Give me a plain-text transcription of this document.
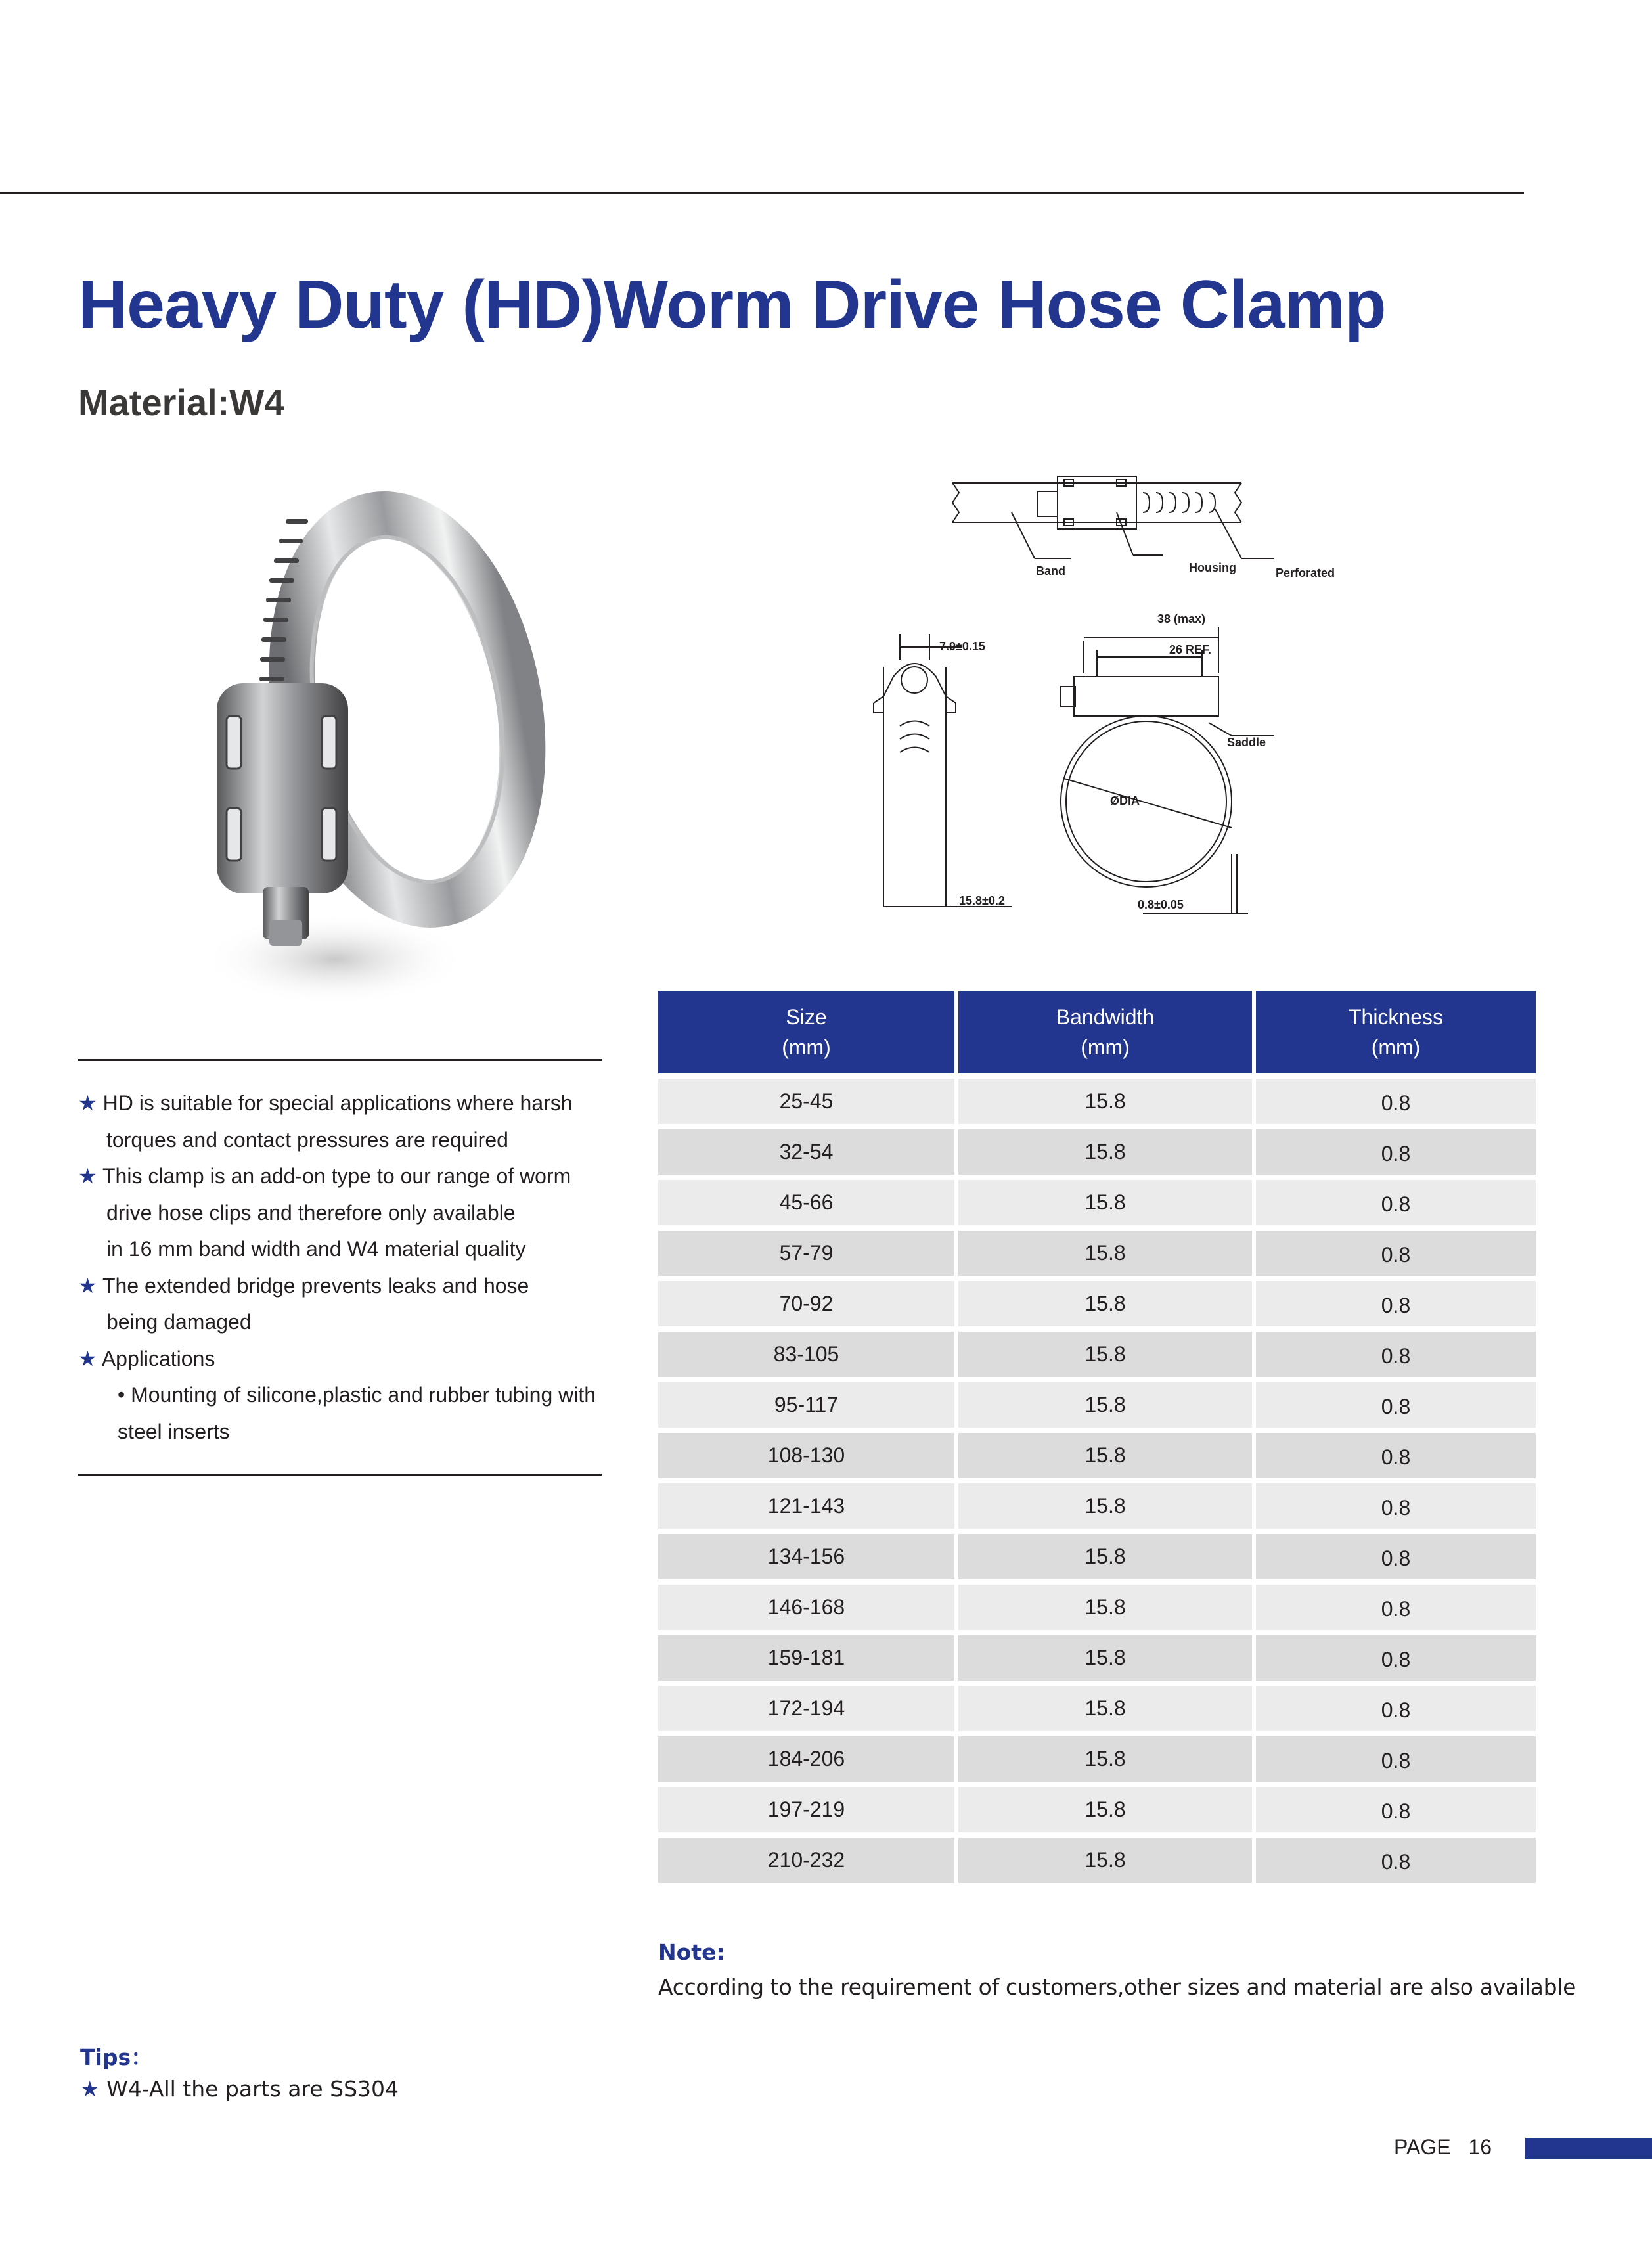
Heavy Duty (HD)Worm Drive Hose Clamp
Material:W4
Band	Housing	Perforated
38 (max)
26 REF.
7.9±0.15
Saddle
ØDIA
15.8±0.2	0.8±0.05
★ HD is suitable for special applications where harsh
torques and contact pressures are required
★ This clamp is an add-on type to our range of worm
drive hose clips and therefore only available
in 16 mm band width and W4 material quality
★ The extended bridge prevents leaks and hose
being damaged
★ Applications
• Mounting of silicone,plastic and rubber tubing with
steel inserts
Size
(mm)
Bandwidth
(mm)
Thickness
(mm)
25-45	15.8	0.8
32-54	15.8	0.8
45-66	15.8	0.8
57-79	15.8	0.8
70-92	15.8	0.8
83-105	15.8	0.8
95-117	15.8	0.8
108-130	15.8	0.8
121-143	15.8	0.8
134-156	15.8	0.8
146-168	15.8	0.8
159-181	15.8	0.8
172-194	15.8	0.8
184-206	15.8	0.8
197-219	15.8	0.8
210-232	15.8	0.8
Note:
According to the requirement of customers,other sizes and material are also available
Tips：
★ W4-All the parts are SS304
PAGE 16
